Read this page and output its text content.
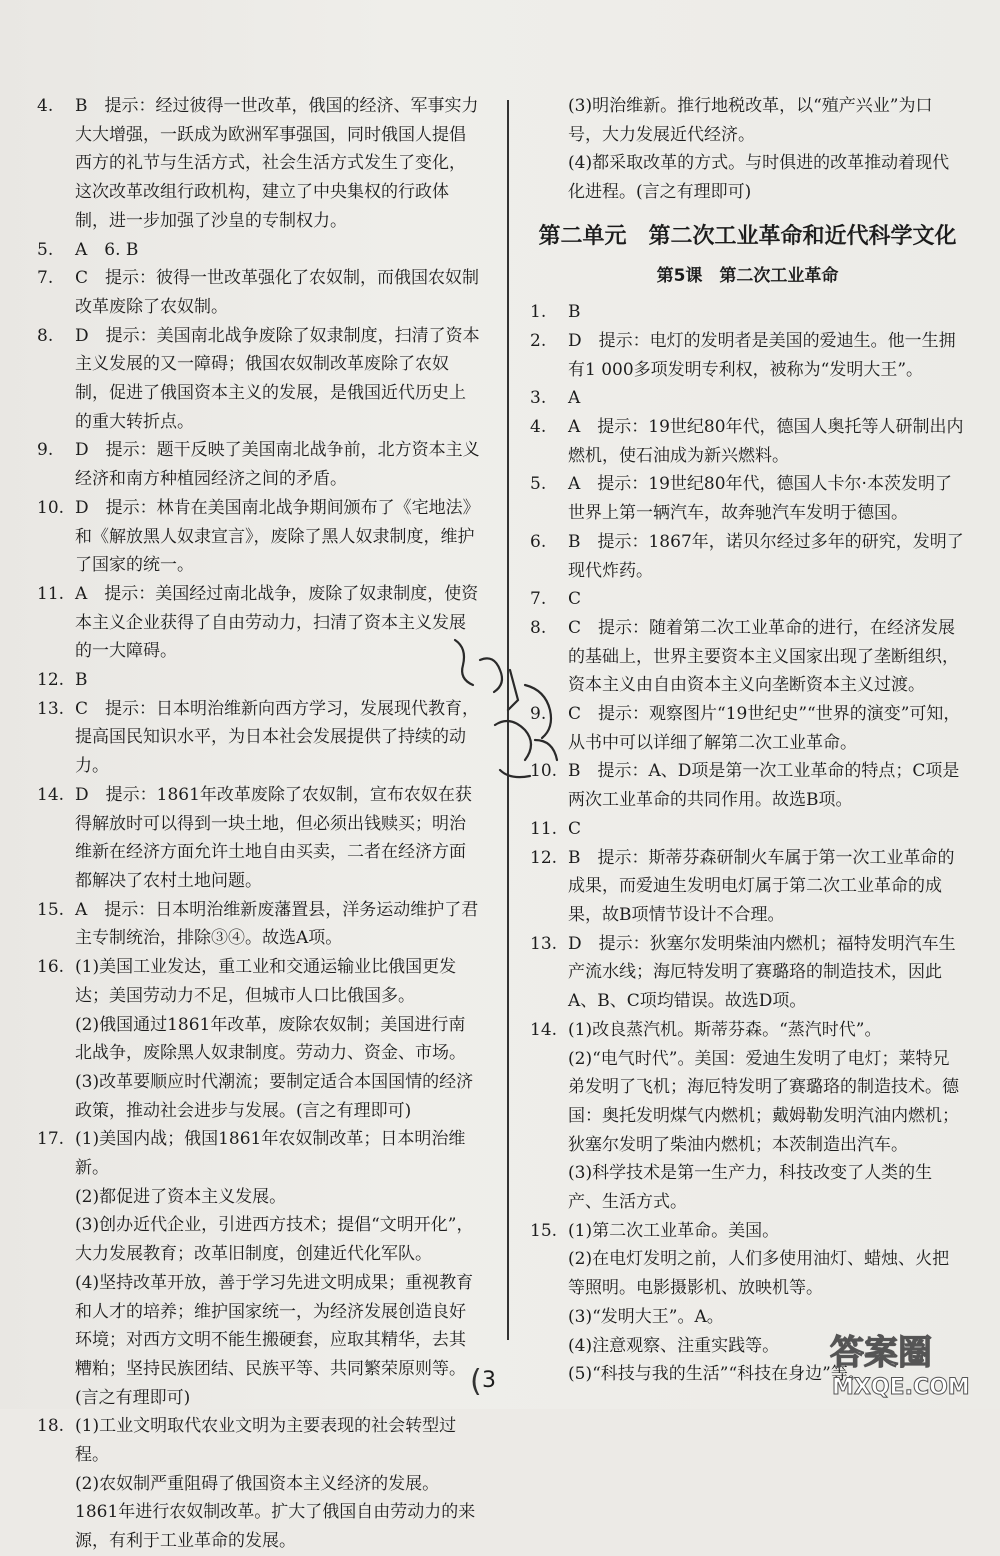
4. B　提示：经过彼得一世改革，俄国的经济、军事实力大大增强，一跃成为欧洲军事强国，同时俄国人提倡西方的礼节与生活方式，社会生活方式发生了变化，这次改革改组行政机构，建立了中央集权的行政体制，进一步加强了沙皇的专制权力。

5. A　6. B

7. C　提示：彼得一世改革强化了农奴制，而俄国农奴制改革废除了农奴制。

8. D　提示：美国南北战争废除了奴隶制度，扫清了资本主义发展的又一障碍；俄国农奴制改革废除了农奴制，促进了俄国资本主义的发展，是俄国近代历史上的重大转折点。

9. D　提示：题干反映了美国南北战争前，北方资本主义经济和南方种植园经济之间的矛盾。

10. D　提示：林肯在美国南北战争期间颁布了《宅地法》和《解放黑人奴隶宣言》，废除了黑人奴隶制度，维护了国家的统一。

11. A　提示：美国经过南北战争，废除了奴隶制度，使资本主义企业获得了自由劳动力，扫清了资本主义发展的一大障碍。

12. B

13. C　提示：日本明治维新向西方学习，发展现代教育，提高国民知识水平，为日本社会发展提供了持续的动力。

14. D　提示：1861年改革废除了农奴制，宣布农奴在获得解放时可以得到一块土地，但必须出钱赎买；明治维新在经济方面允许土地自由买卖，二者在经济方面都解决了农村土地问题。

15. A　提示：日本明治维新废藩置县，洋务运动维护了君主专制统治，排除③④。故选A项。

16. (1)美国工业发达，重工业和交通运输业比俄国更发达；美国劳动力不足，但城市人口比俄国多。

(2)俄国通过1861年改革，废除农奴制；美国进行南北战争，废除黑人奴隶制度。劳动力、资金、市场。

(3)改革要顺应时代潮流；要制定适合本国国情的经济政策，推动社会进步与发展。(言之有理即可)

17. (1)美国内战；俄国1861年农奴制改革；日本明治维新。

(2)都促进了资本主义发展。

(3)创办近代企业，引进西方技术；提倡“文明开化”，大力发展教育；改革旧制度，创建近代化军队。

(4)坚持改革开放，善于学习先进文明成果；重视教育和人才的培养；维护国家统一，为经济发展创造良好环境；对西方文明不能生搬硬套，应取其精华，去其糟粕；坚持民族团结、民族平等、共同繁荣原则等。(言之有理即可)

18. (1)工业文明取代农业文明为主要表现的社会转型过程。

(2)农奴制严重阻碍了俄国资本主义经济的发展。1861年进行农奴制改革。扩大了俄国自由劳动力的来源，有利于工业革命的发展。

(3)明治维新。推行地税改革，以“殖产兴业”为口号，大力发展近代经济。

(4)都采取改革的方式。与时俱进的改革推动着现代化进程。(言之有理即可)

第二单元　第二次工业革命和近代科学文化
第5课　第二次工业革命
1. B

2. D　提示：电灯的发明者是美国的爱迪生。他一生拥有1 000多项发明专利权，被称为“发明大王”。

3. A

4. A　提示：19世纪80年代，德国人奥托等人研制出内燃机，使石油成为新兴燃料。

5. A　提示：19世纪80年代，德国人卡尔·本茨发明了世界上第一辆汽车，故奔驰汽车发明于德国。

6. B　提示：1867年，诺贝尔经过多年的研究，发明了现代炸药。

7. C

8. C　提示：随着第二次工业革命的进行，在经济发展的基础上，世界主要资本主义国家出现了垄断组织，资本主义由自由资本主义向垄断资本主义过渡。

9. C　提示：观察图片“19世纪史”“世界的演变”可知，从书中可以详细了解第二次工业革命。

10. B　提示：A、D项是第一次工业革命的特点；C项是两次工业革命的共同作用。故选B项。

11. C

12. B　提示：斯蒂芬森研制火车属于第一次工业革命的成果，而爱迪生发明电灯属于第二次工业革命的成果，故B项情节设计不合理。

13. D　提示：狄塞尔发明柴油内燃机；福特发明汽车生产流水线；海厄特发明了赛璐珞的制造技术，因此A、B、C项均错误。故选D项。

14. (1)改良蒸汽机。斯蒂芬森。“蒸汽时代”。

(2)“电气时代”。美国：爱迪生发明了电灯；莱特兄弟发明了飞机；海厄特发明了赛璐珞的制造技术。德国：奥托发明煤气内燃机；戴姆勒发明汽油内燃机；狄塞尔发明了柴油内燃机；本茨制造出汽车。

(3)科学技术是第一生产力，科技改变了人类的生产、生活方式。

15. (1)第二次工业革命。美国。

(2)在电灯发明之前，人们多使用油灯、蜡烛、火把等照明。电影摄影机、放映机等。

(3)“发明大王”。A。

(4)注意观察、注重实践等。

(5)“科技与我的生活”“科技在身边”等。

( 3
答案圈
MXQE.COM
